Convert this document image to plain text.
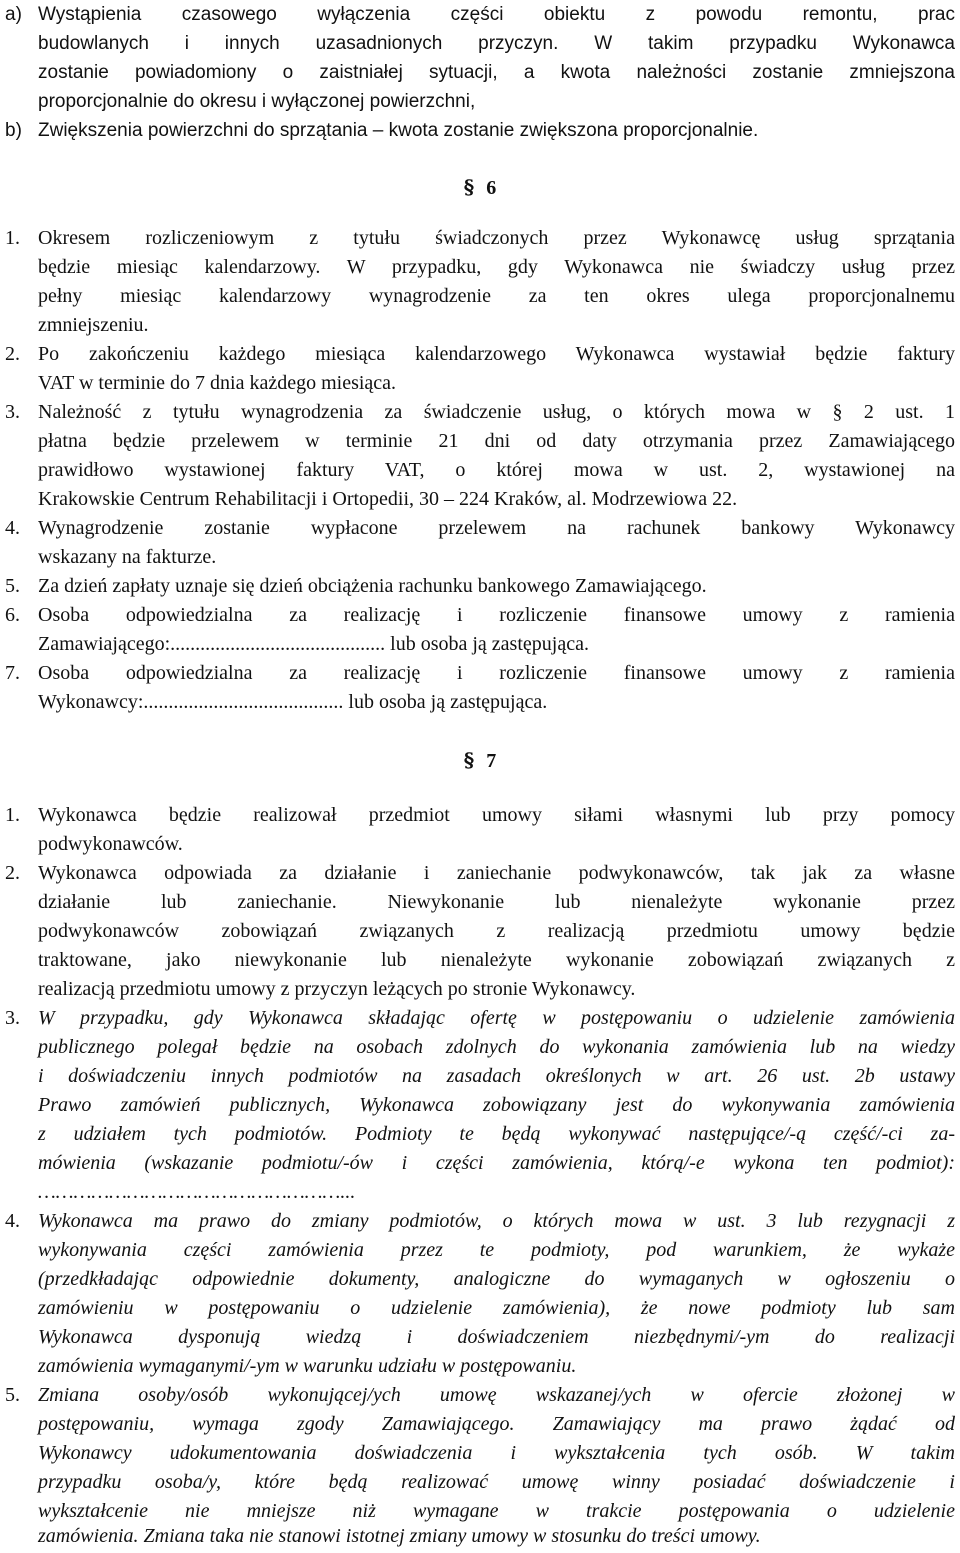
a) Wystąpienia czasowego wyłączenia części obiektu z powodu remontu, prac
budowlanych i innych uzasadnionych przyczyn. W takim przypadku Wykonawca
zostanie powiadomiony o zaistniałej sytuacji, a kwota należności zostanie zmniejszona
proporcjonalnie do okresu i wyłączonej powierzchni,
b) Zwiększenia powierzchni do sprzątania – kwota zostanie zwiększona proporcjonalnie.
§ 6
1. Okresem rozliczeniowym z tytułu świadczonych przez Wykonawcę usług sprzątania
będzie miesiąc kalendarzowy. W przypadku, gdy Wykonawca nie świadczy usług przez
pełny miesiąc kalendarzowy wynagrodzenie za ten okres ulega proporcjonalnemu
zmniejszeniu.
2. Po zakończeniu każdego miesiąca kalendarzowego Wykonawca wystawiał będzie faktury
VAT w terminie do 7 dnia każdego miesiąca.
3. Należność z tytułu wynagrodzenia za świadczenie usług, o których mowa w § 2 ust. 1
płatna będzie przelewem w terminie 21 dni od daty otrzymania przez Zamawiającego
prawidłowo wystawionej faktury VAT, o której mowa w ust. 2, wystawionej na
Krakowskie Centrum Rehabilitacji i Ortopedii, 30 – 224 Kraków, al. Modrzewiowa 22.
4. Wynagrodzenie zostanie wypłacone przelewem na rachunek bankowy Wykonawcy
wskazany na fakturze.
5. Za dzień zapłaty uznaje się dzień obciążenia rachunku bankowego Zamawiającego.
6. Osoba odpowiedzialna za realizację i rozliczenie finansowe umowy z ramienia
Zamawiającego:........................................... lub osoba ją zastępująca.
7. Osoba odpowiedzialna za realizację i rozliczenie finansowe umowy z ramienia
Wykonawcy:........................................ lub osoba ją zastępująca.
§ 7
1. Wykonawca będzie realizował przedmiot umowy siłami własnymi lub przy pomocy
podwykonawców.
2. Wykonawca odpowiada za działanie i zaniechanie podwykonawców, tak jak za własne
działanie lub zaniechanie. Niewykonanie lub nienależyte wykonanie przez
podwykonawców zobowiązań związanych z realizacją przedmiotu umowy będzie
traktowane, jako niewykonanie lub nienależyte wykonanie zobowiązań związanych z
realizacją przedmiotu umowy z przyczyn leżących po stronie Wykonawcy.
3. W przypadku, gdy Wykonawca składając ofertę w postępowaniu o udzielenie zamówienia
publicznego polegał będzie na osobach zdolnych do wykonania zamówienia lub na wiedzy
i doświadczeniu innych podmiotów na zasadach określonych w art. 26 ust. 2b ustawy
Prawo zamówień publicznych, Wykonawca zobowiązany jest do wykonywania zamówienia
z udziałem tych podmiotów. Podmioty te będą wykonywać następujące/-ą część/-ci za-
mówienia (wskazanie podmiotu/-ów i części zamówienia, którą/-e wykona ten podmiot):
……………………………………………...
4. Wykonawca ma prawo do zmiany podmiotów, o których mowa w ust. 3 lub rezygnacji z
wykonywania części zamówienia przez te podmioty, pod warunkiem, że wykaże
(przedkładając odpowiednie dokumenty, analogiczne do wymaganych w ogłoszeniu o
zamówieniu w postępowaniu o udzielenie zamówienia), że nowe podmioty lub sam
Wykonawca dysponują wiedzą i doświadczeniem niezbędnymi/-ym do realizacji
zamówienia wymaganymi/-ym w warunku udziału w postępowaniu.
5. Zmiana osoby/osób wykonującej/ych umowę wskazanej/ych w ofercie złożonej w
postępowaniu, wymaga zgody Zamawiającego. Zamawiający ma prawo żądać od
Wykonawcy udokumentowania doświadczenia i wykształcenia tych osób. W takim
przypadku osoba/y, które będą realizować umowę winny posiadać doświadczenie i
wykształcenie nie mniejsze niż wymagane w trakcie postępowania o udzielenie
zamówienia. Zmiana taka nie stanowi istotnej zmiany umowy w stosunku do treści umowy.
